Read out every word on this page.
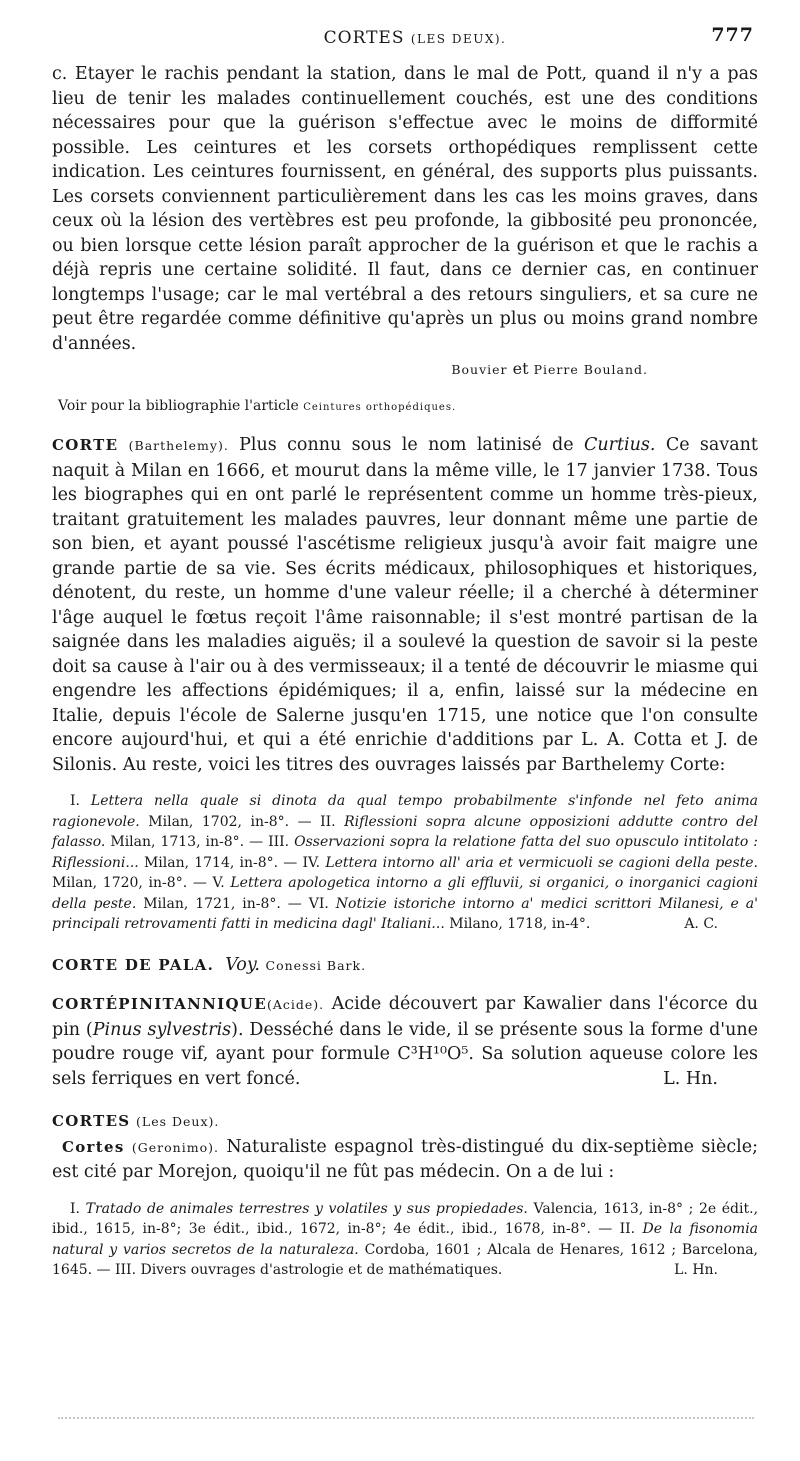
CORTES (LES DEUX).	777

c. Etayer le rachis pendant la station, dans le mal de Pott, quand il n'y a pas lieu de tenir les malades continuellement couchés, est une des conditions nécessaires pour que la guérison s'effectue avec le moins de difformité possible. Les ceintures et les corsets orthopédiques remplissent cette indication. Les ceintures fournissent, en général, des supports plus puissants. Les corsets conviennent particulièrement dans les cas les moins graves, dans ceux où la lésion des vertèbres est peu profonde, la gibbosité peu prononcée, ou bien lorsque cette lésion paraît approcher de la guérison et que le rachis a déjà repris une certaine solidité. Il faut, dans ce dernier cas, en continuer longtemps l'usage; car le mal vertébral a des retours singuliers, et sa cure ne peut être regardée comme définitive qu'après un plus ou moins grand nombre d'années.

Bouvier et Pierre Bouland.

Voir pour la bibliographie l'article Ceintures orthopédiques.

CORTE (Barthelemy). Plus connu sous le nom latinisé de Curtius. Ce savant naquit à Milan en 1666, et mourut dans la même ville, le 17 janvier 1738. Tous les biographes qui en ont parlé le représentent comme un homme très-pieux, traitant gratuitement les malades pauvres, leur donnant même une partie de son bien, et ayant poussé l'ascétisme religieux jusqu'à avoir fait maigre une grande partie de sa vie. Ses écrits médicaux, philosophiques et historiques, dénotent, du reste, un homme d'une valeur réelle; il a cherché à déterminer l'âge auquel le fœtus reçoit l'âme raisonnable; il s'est montré partisan de la saignée dans les maladies aiguës; il a soulevé la question de savoir si la peste doit sa cause à l'air ou à des vermisseaux; il a tenté de découvrir le miasme qui engendre les affections épidémiques; il a, enfin, laissé sur la médecine en Italie, depuis l'école de Salerne jusqu'en 1715, une notice que l'on consulte encore aujourd'hui, et qui a été enrichie d'additions par L. A. Cotta et J. de Silonis. Au reste, voici les titres des ouvrages laissés par Barthelemy Corte:

I. Lettera nella quale si dinota da qual tempo probabilmente s'infonde nel feto anima ragionevole. Milan, 1702, in-8°. — II. Riflessioni sopra alcune opposizioni addutte contro del falasso. Milan, 1713, in-8°. — III. Osservazioni sopra la relatione fatta del suo opusculo intitolato : Riflessioni... Milan, 1714, in-8°. — IV. Lettera intorno all' aria et vermicuoli se cagioni della peste. Milan, 1720, in-8°. — V. Lettera apologetica intorno a gli effluvii, si organici, o inorganici cagioni della peste. Milan, 1721, in-8°. — VI. Notizie istoriche intorno a' medici scrittori Milanesi, e a' principali retrovamenti fatti in medicina dagl' Italiani... Milano, 1718, in-4°.	A. C.

CORTE DE PALA. Voy. Conessi Bark.

CORTÉPINITANNIQUE(Acide). Acide découvert par Kawalier dans l'écorce du pin (Pinus sylvestris). Desséché dans le vide, il se présente sous la forme d'une poudre rouge vif, ayant pour formule C³H¹⁰O⁵. Sa solution aqueuse colore les sels ferriques en vert foncé.	L. Hn.

CORTES (Les Deux).

Cortes (Geronimo). Naturaliste espagnol très-distingué du dix-septième siècle; est cité par Morejon, quoiqu'il ne fût pas médecin. On a de lui :

I. Tratado de animales terrestres y volatiles y sus propiedades. Valencia, 1613, in-8° ; 2e édit., ibid., 1615, in-8°; 3e édit., ibid., 1672, in-8°; 4e édit., ibid., 1678, in-8°. — II. De la fisonomia natural y varios secretos de la naturaleza. Cordoba, 1601 ; Alcala de Henares, 1612 ; Barcelona, 1645. — III. Divers ouvrages d'astrologie et de mathématiques.	L. Hn.
